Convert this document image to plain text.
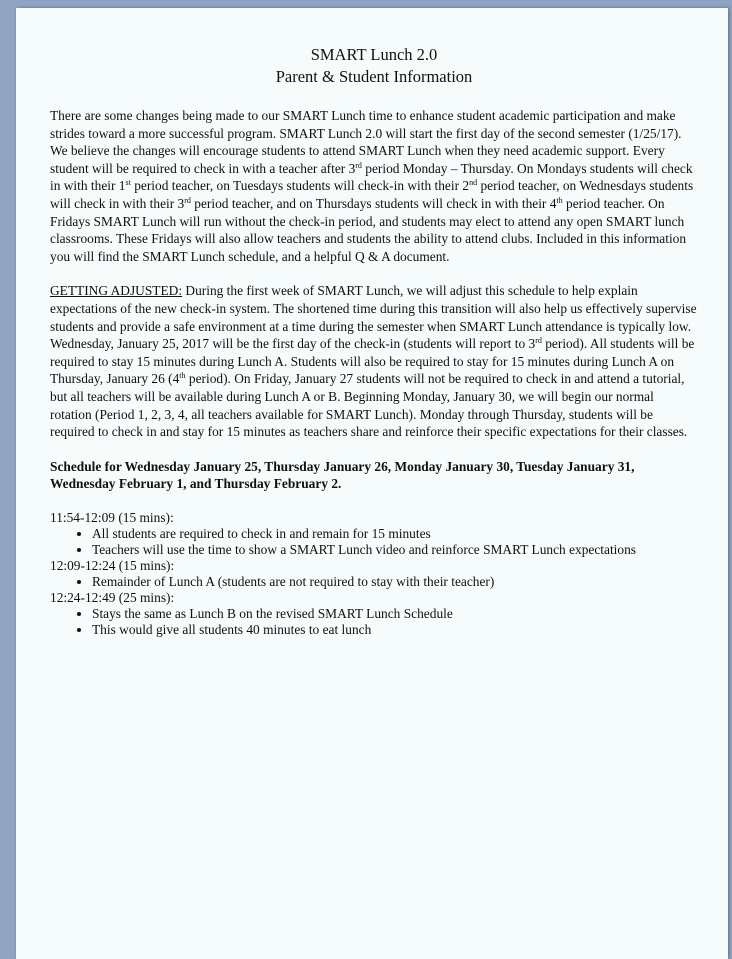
SMART Lunch 2.0
Parent & Student Information

There are some changes being made to our SMART Lunch time to enhance student academic participation and make strides toward a more successful program. SMART Lunch 2.0 will start the first day of the second semester (1/25/17). We believe the changes will encourage students to attend SMART Lunch when they need academic support. Every student will be required to check in with a teacher after 3rd period Monday – Thursday. On Mondays students will check in with their 1st period teacher, on Tuesdays students will check-in with their 2nd period teacher, on Wednesdays students will check in with their 3rd period teacher, and on Thursdays students will check in with their 4th period teacher. On Fridays SMART Lunch will run without the check-in period, and students may elect to attend any open SMART lunch classrooms. These Fridays will also allow teachers and students the ability to attend clubs. Included in this information you will find the SMART Lunch schedule, and a helpful Q & A document.

GETTING ADJUSTED: During the first week of SMART Lunch, we will adjust this schedule to help explain expectations of the new check-in system. The shortened time during this transition will also help us effectively supervise students and provide a safe environment at a time during the semester when SMART Lunch attendance is typically low. Wednesday, January 25, 2017 will be the first day of the check-in (students will report to 3rd period). All students will be required to stay 15 minutes during Lunch A. Students will also be required to stay for 15 minutes during Lunch A on Thursday, January 26 (4th period). On Friday, January 27 students will not be required to check in and attend a tutorial, but all teachers will be available during Lunch A or B. Beginning Monday, January 30, we will begin our normal rotation (Period 1, 2, 3, 4, all teachers available for SMART Lunch). Monday through Thursday, students will be required to check in and stay for 15 minutes as teachers share and reinforce their specific expectations for their classes.

Schedule for Wednesday January 25, Thursday January 26, Monday January 30, Tuesday January 31, Wednesday February 1, and Thursday February 2.

11:54-12:09 (15 mins):
• All students are required to check in and remain for 15 minutes
• Teachers will use the time to show a SMART Lunch video and reinforce SMART Lunch expectations
12:09-12:24 (15 mins):
• Remainder of Lunch A (students are not required to stay with their teacher)
12:24-12:49 (25 mins):
• Stays the same as Lunch B on the revised SMART Lunch Schedule
• This would give all students 40 minutes to eat lunch
